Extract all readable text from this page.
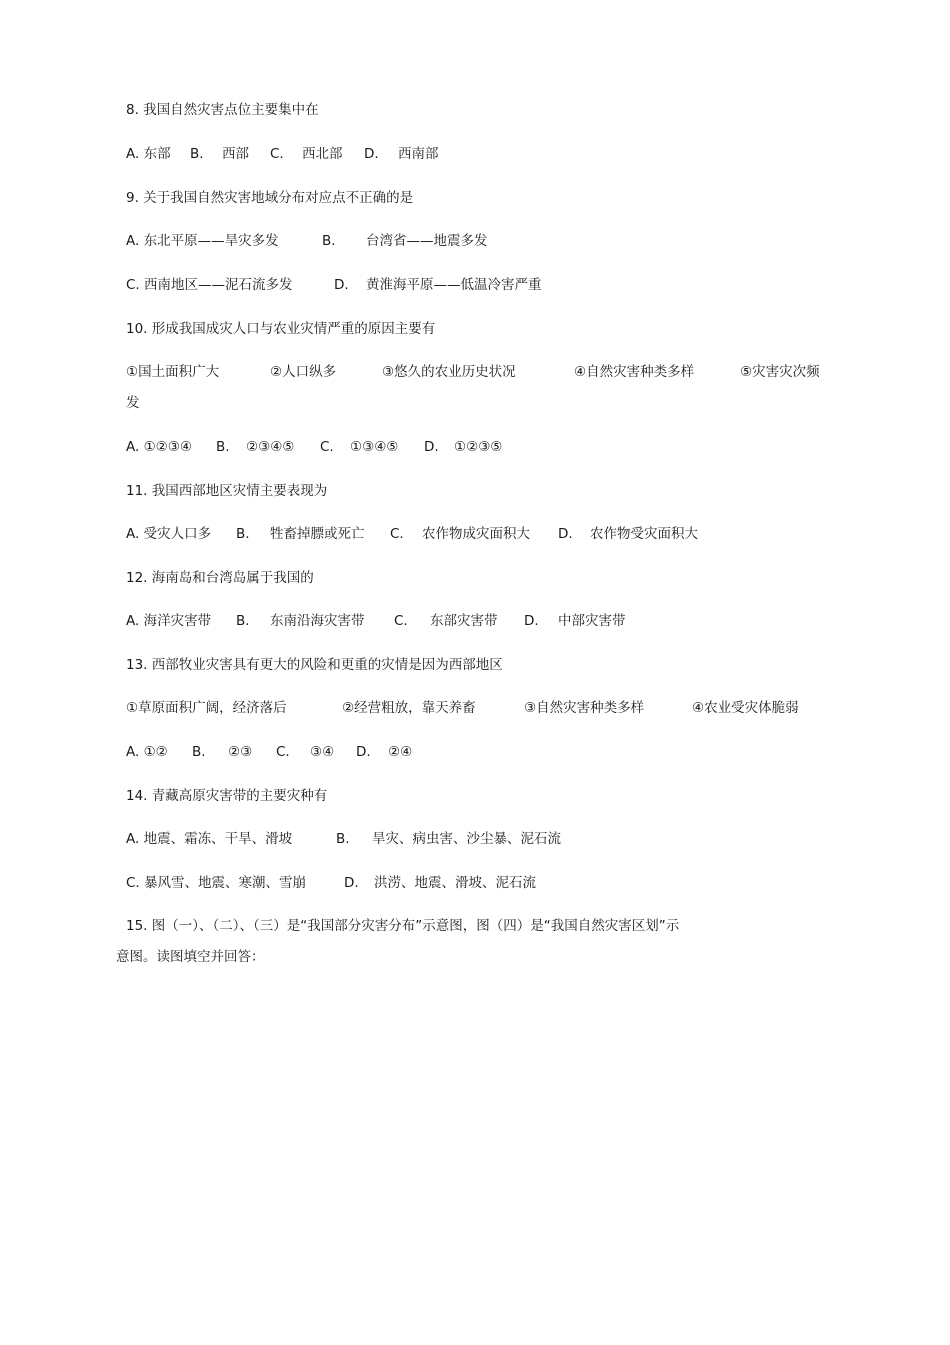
8. 我国自然灾害点位主要集中在
A. 东部 B. 西部 C. 西北部 D. 西南部
9. 关于我国自然灾害地域分布对应点不正确的是
A. 东北平原——旱灾多发	B. 台湾省——地震多发
C. 西南地区——泥石流多发	D. 黄淮海平原——低温冷害严重
10. 形成我国成灾人口与农业灾情严重的原因主要有
①国土面积广大	②人口纵多	③悠久的农业历史状况	④自然灾害种类多样	⑤灾害灾次频
发
A. ①②③④ B. ②③④⑤ C. ①③④⑤ D. ①②③⑤
11. 我国西部地区灾情主要表现为
A. 受灾人口多 B. 牲畜掉膘或死亡 C. 农作物成灾面积大 D. 农作物受灾面积大
12. 海南岛和台湾岛属于我国的
A. 海洋灾害带 B. 东南沿海灾害带 C. 东部灾害带 D. 中部灾害带
13. 西部牧业灾害具有更大的风险和更重的灾情是因为西部地区
①草原面积广阔，经济落后	②经营粗放，靠天养畜	③自然灾害种类多样	④农业受灾体脆弱
A. ①② B. ②③ C. ③④ D. ②④
14. 青藏高原灾害带的主要灾种有
A. 地震、霜冻、干旱、滑坡	B. 旱灾、病虫害、沙尘暴、泥石流
C. 暴风雪、地震、寒潮、雪崩	D. 洪涝、地震、滑坡、泥石流
15. 图（一）、（二）、（三）是“我国部分灾害分布”示意图，图（四）是“我国自然灾害区划”示
意图。读图填空并回答：
